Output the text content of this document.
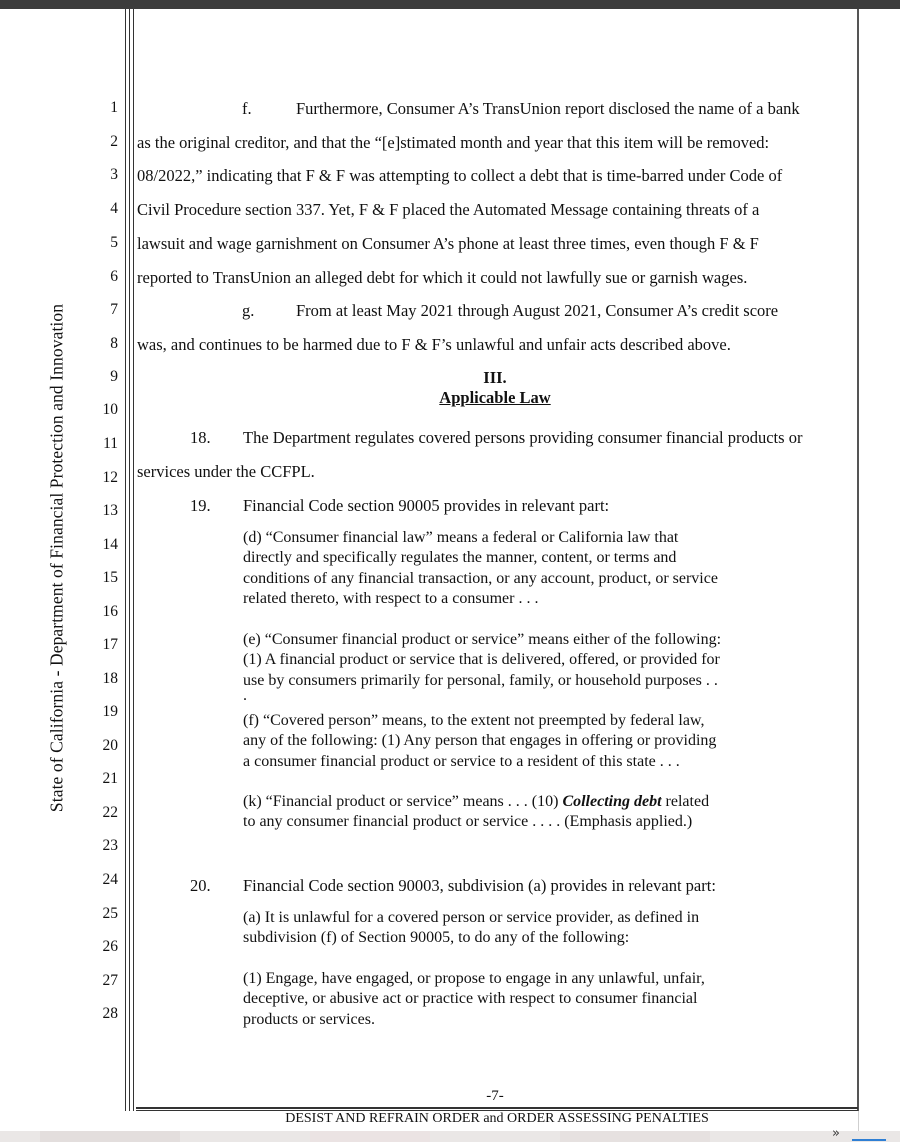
State of California - Department of Financial Protection and Innovation
1
2
3
4
5
6
7
8
9
10
11
12
13
14
15
16
17
18
19
20
21
22
23
24
25
26
27
28
f.	Furthermore, Consumer A’s TransUnion report disclosed the name of a bank
as the original creditor, and that the “[e]stimated month and year that this item will be removed:
08/2022,” indicating that F & F was attempting to collect a debt that is time-barred under Code of
Civil Procedure section 337. Yet, F & F placed the Automated Message containing threats of a
lawsuit and wage garnishment on Consumer A’s phone at least three times, even though F & F
reported to TransUnion an alleged debt for which it could not lawfully sue or garnish wages.
g.	From at least May 2021 through August 2021, Consumer A’s credit score
was, and continues to be harmed due to F & F’s unlawful and unfair acts described above.
III.
Applicable Law
18. The Department regulates covered persons providing consumer financial products or
services under the CCFPL.
19. Financial Code section 90005 provides in relevant part:

(d) “Consumer financial law” means a federal or California law that

directly and specifically regulates the manner, content, or terms and

conditions of any financial transaction, or any account, product, or service

related thereto, with respect to a consumer . . .

(e) “Consumer financial product or service” means either of the following:

(1) A financial product or service that is delivered, offered, or provided for

use by consumers primarily for personal, family, or household purposes . .

.

(f) “Covered person” means, to the extent not preempted by federal law,

any of the following: (1) Any person that engages in offering or providing

a consumer financial product or service to a resident of this state . . .

(k) “Financial product or service” means . . . (10) Collecting debt related

to any consumer financial product or service . . . . (Emphasis applied.)

20. Financial Code section 90003, subdivision (a) provides in relevant part:

(a) It is unlawful for a covered person or service provider, as defined in

subdivision (f) of Section 90005, to do any of the following:

(1) Engage, have engaged, or propose to engage in any unlawful, unfair,

deceptive, or abusive act or practice with respect to consumer financial

products or services.

-7-
DESIST AND REFRAIN ORDER and ORDER ASSESSING PENALTIES
»
